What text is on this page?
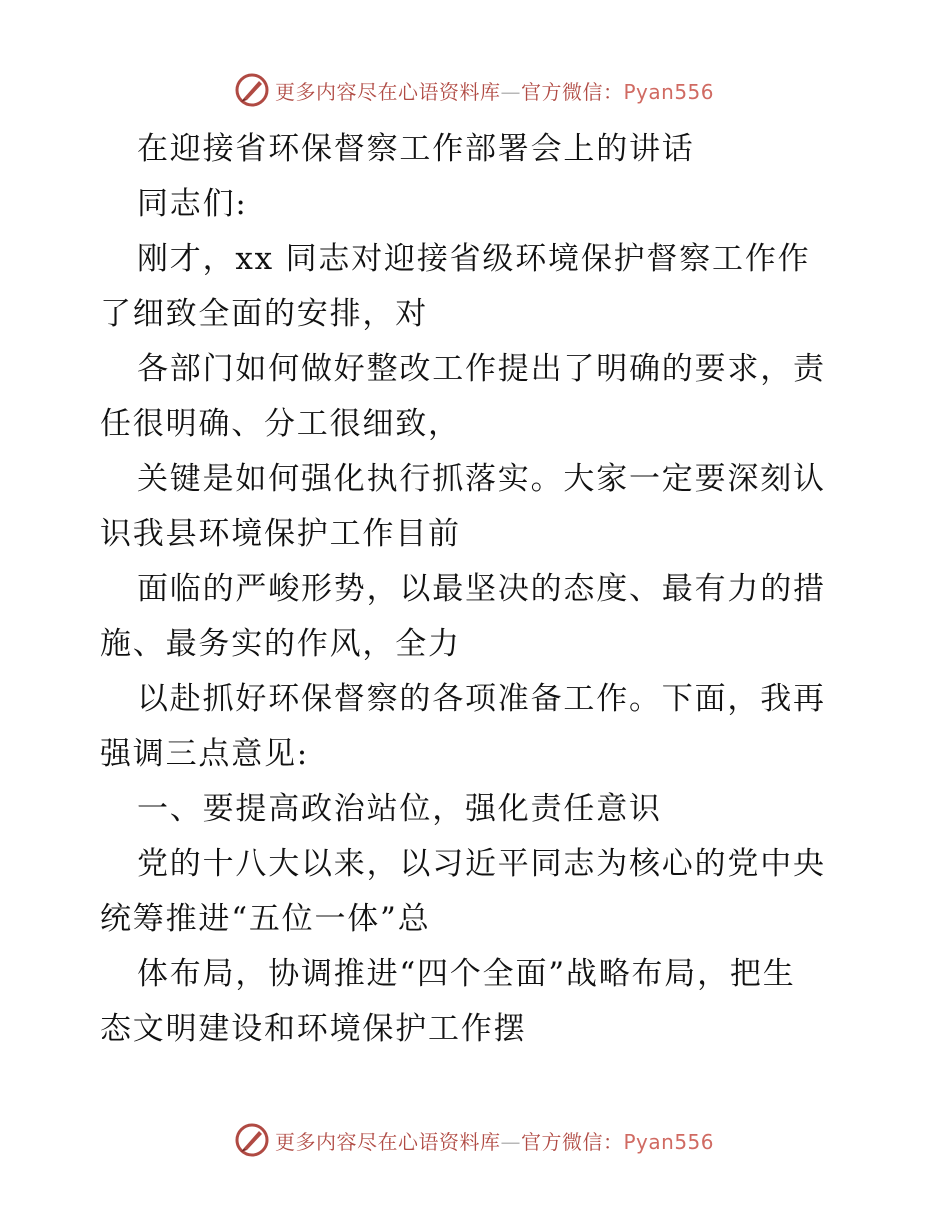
更多内容尽在心语资料库—官方微信：Pyan556

在迎接省环保督察工作部署会上的讲话

同志们:

刚才，xx 同志对迎接省级环境保护督察工作作

了细致全面的安排，对

各部门如何做好整改工作提出了明确的要求，责

任很明确、分工很细致，

关键是如何强化执行抓落实。大家一定要深刻认

识我县环境保护工作目前

面临的严峻形势，以最坚决的态度、最有力的措

施、最务实的作风，全力

以赴抓好环保督察的各项准备工作。下面，我再

强调三点意见:

一、要提高政治站位，强化责任意识

党的十八大以来，以习近平同志为核心的党中央

统筹推进“五位一体”总

体布局，协调推进“四个全面”战略布局，把生

态文明建设和环境保护工作摆

更多内容尽在心语资料库—官方微信：Pyan556
